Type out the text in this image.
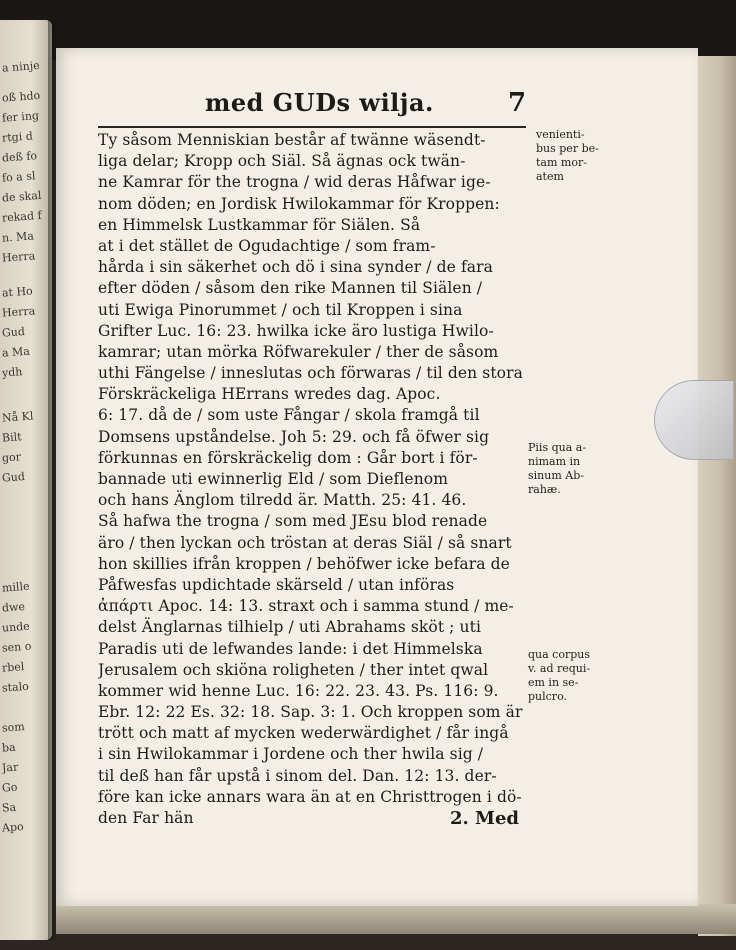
a ninje
oß hdo
fer ing
rtgi d
deß fo
fo a sl
de skal
rekad f
n. Ma
Herra
at Ho
Herra
Gud
a Ma
ydh
Nå Kl
Bilt
gor
Gud
mille
dwe
unde
sen o
rbel
stalo
som
ba
Jar
Go
Sa
Apo
med GUDs wilja.	7
Ty såsom Menniskian består af twänne wäsendt-
liga delar; Kropp och Siäl. Så ägnas ock twän-
ne Kamrar för the trogna / wid deras Håfwar ige-
nom döden; en Jordisk Hwilokammar för Kroppen:
en Himmelsk Lustkammar för Siälen. Så
at i det stället de Ogudachtige / som fram-
hårda i sin säkerhet och dö i sina synder / de fara
efter döden / såsom den rike Mannen til Siälen /
uti Ewiga Pinorummet / och til Kroppen i sina
Grifter Luc. 16: 23. hwilka icke äro lustiga Hwilo-
kamrar; utan mörka Röfwarekuler / ther de såsom
uthi Fängelse / inneslutas och förwaras / til den stora
Förskräckeliga HErrans wredes dag. Apoc.
6: 17. då de / som uste Fångar / skola framgå til
Domsens upståndelse. Joh 5: 29. och få öfwer sig
förkunnas en förskräckelig dom : Går bort i för-
bannade uti ewinnerlig Eld / som Dieflenom
och hans Änglom tilredd är. Matth. 25: 41. 46.
Så hafwa the trogna / som med JEsu blod renade
äro / then lyckan och tröstan at deras Siäl / så snart
hon skillies ifrån kroppen / behöfwer icke befara de
Påfwesfas updichtade skärseld / utan införas
ἀπάρτι Apoc. 14: 13. straxt och i samma stund / me-
delst Änglarnas tilhielp / uti Abrahams sköt ; uti
Paradis uti de lefwandes lande: i det Himmelska
Jerusalem och skiöna roligheten / ther intet qwal
kommer wid henne Luc. 16: 22. 23. 43. Ps. 116: 9.
Ebr. 12: 22 Es. 32: 18. Sap. 3: 1. Och kroppen som är
trött och matt af mycken wederwärdighet / får ingå
i sin Hwilokammar i Jordene och ther hwila sig /
til deß han får upstå i sinom del. Dan. 12: 13. der-
före kan icke annars wara än at en Christtrogen i dö-
den Far hän
venienti-
bus per be-
tam mor-
atem
Piis qua a-
nimam in
sinum Ab-
rahæ.
qua corpus
v. ad requi-
em in se-
pulcro.
2. Med
